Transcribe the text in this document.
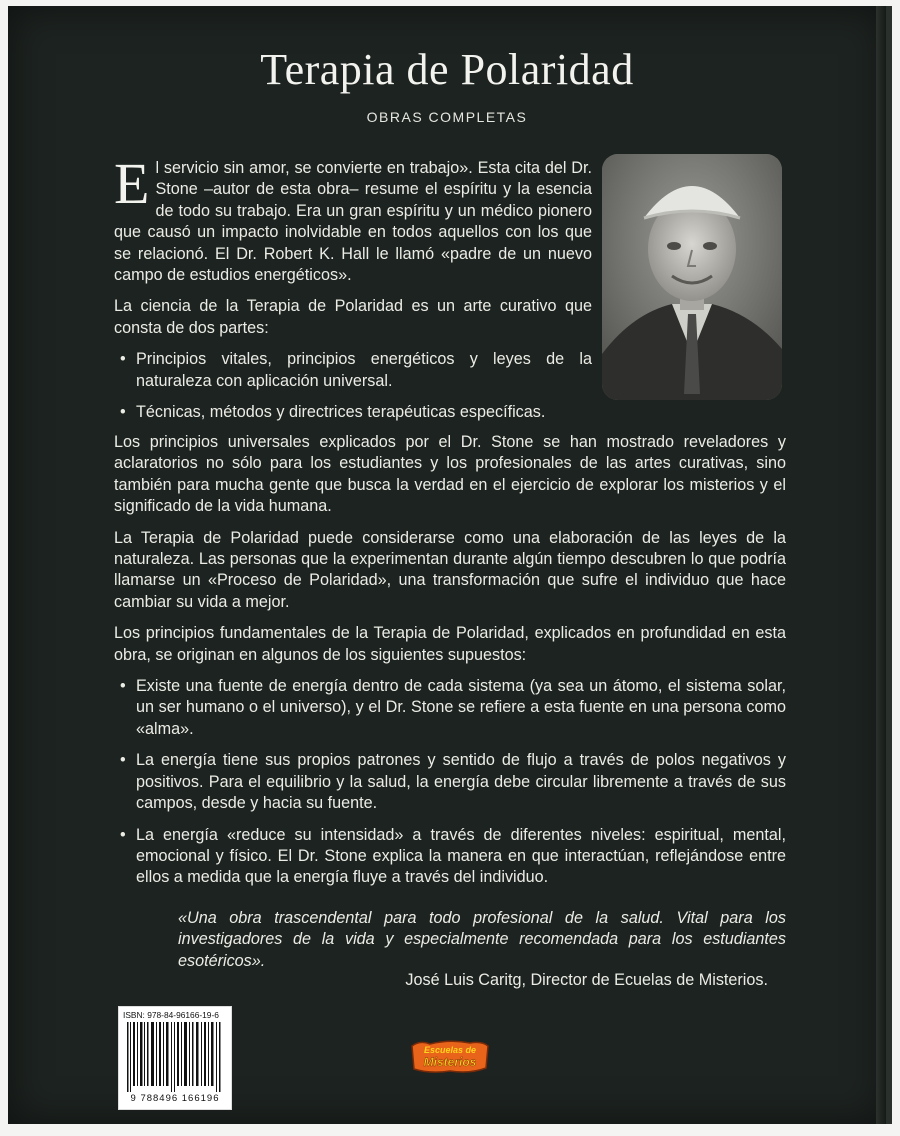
Terapia de Polaridad
OBRAS COMPLETAS

El servicio sin amor, se convierte en trabajo». Esta cita del Dr. Stone –autor de esta obra– resume el espíritu y la esencia de todo su trabajo. Era un gran espíritu y un médico pionero que causó un impacto inolvidable en todos aquellos con los que se relacionó. El Dr. Robert K. Hall le llamó «padre de un nuevo campo de estudios energéticos».

La ciencia de la Terapia de Polaridad es un arte curativo que consta de dos partes:

• Principios vitales, principios energéticos y leyes de la naturaleza con aplicación universal.
• Técnicas, métodos y directrices terapéuticas específicas.

Los principios universales explicados por el Dr. Stone se han mostrado reveladores y aclaratorios no sólo para los estudiantes y los profesionales de las artes curativas, sino también para mucha gente que busca la verdad en el ejercicio de explorar los misterios y el significado de la vida humana.

La Terapia de Polaridad puede considerarse como una elaboración de las leyes de la naturaleza. Las personas que la experimentan durante algún tiempo descubren lo que podría llamarse un «Proceso de Polaridad», una transformación que sufre el individuo que hace cambiar su vida a mejor.

Los principios fundamentales de la Terapia de Polaridad, explicados en profundidad en esta obra, se originan en algunos de los siguientes supuestos:

• Existe una fuente de energía dentro de cada sistema (ya sea un átomo, el sistema solar, un ser humano o el universo), y el Dr. Stone se refiere a esta fuente en una persona como «alma».
• La energía tiene sus propios patrones y sentido de flujo a través de polos negativos y positivos. Para el equilibrio y la salud, la energía debe circular libremente a través de sus campos, desde y hacia su fuente.
• La energía «reduce su intensidad» a través de diferentes niveles: espiritual, mental, emocional y físico. El Dr. Stone explica la manera en que interactúan, reflejándose entre ellos a medida que la energía fluye a través del individuo.
«Una obra trascendental para todo profesional de la salud. Vital para los investigadores de la vida y especialmente recomendada para los estudiantes esotéricos».
José Luis Caritg, Director de Ecuelas de Misterios.
ISBN: 978-84-96166-19-6
9 788496 166196
Escuelas de
Misterios
